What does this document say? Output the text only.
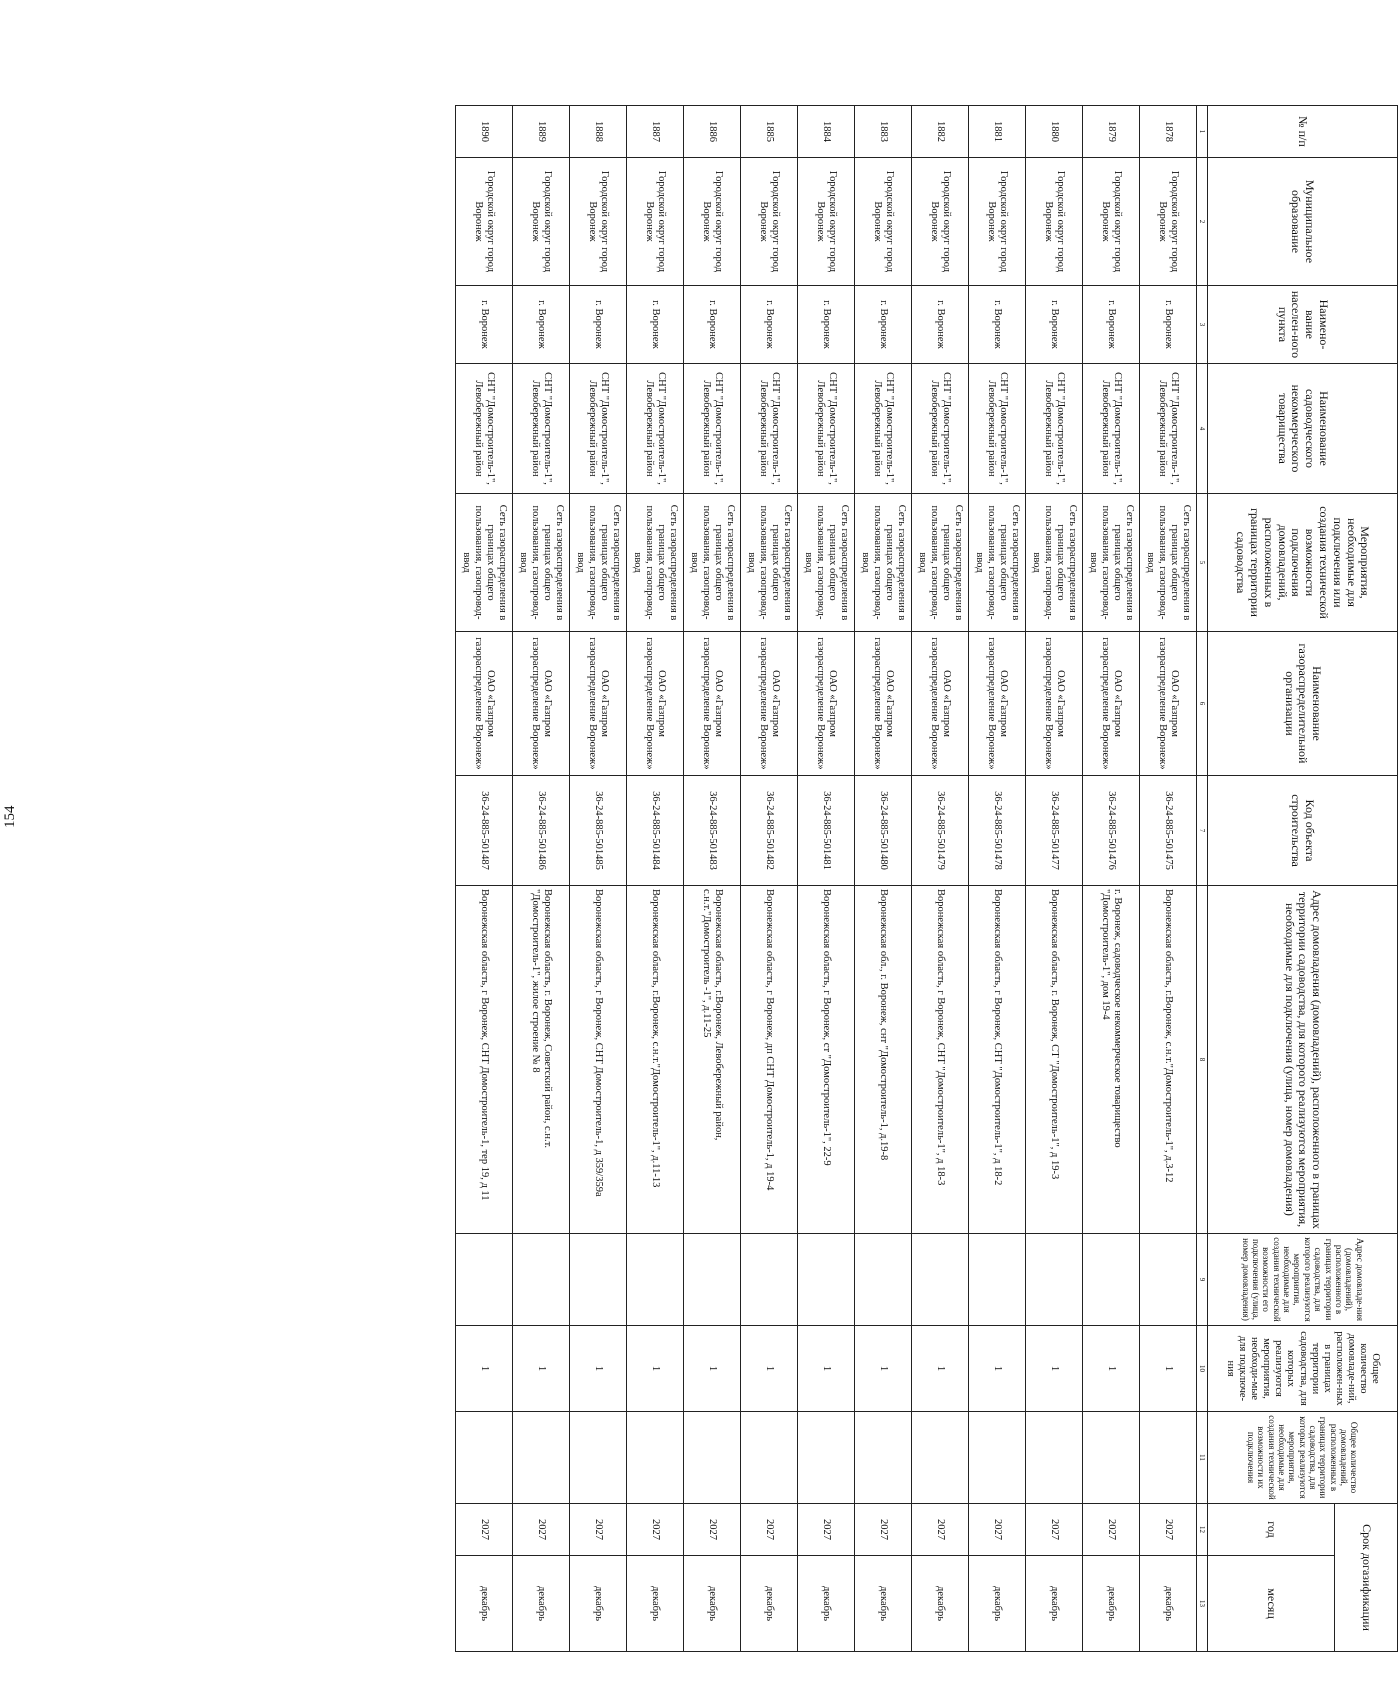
154
№ п/п	Муниципальное образование	Наимено-вание населен-ного пункта	Наименование садоводческого некоммерческого товарищества	Мероприятия, необходимые для подключения или создания технической возможности подключения домовладений, расположенных в границах территории садоводства	Наименование газораспределительной организации	Код объекта строительства	Адрес домовладения (домовладений), расположенного в границах территории садоводства, для которого реализуются мероприятия, необходимые для подключения (улица, номер домовладения)	Адрес домовладе-ния (домовладений), расположенного в границах территории садоводства, для которого реализуются мероприятия, необходимые для создания технической возможности его подключения (улица, номер домовладения)	Общее количество домовладе-ний, расположен-ных в границах территории садоводства, для которых реализуются мероприятия, необходи-мые для подключе-ния	Общее количество домовладений, расположенных в границах территории садоводства, для которых реализуются мероприятия, необходимые для создания технической возможности их подключения	Срок догазификации	
											год	месяц
1	2	3	4	5	6	7	8	9	10	11	12	13
1878	Городской округ город Воронеж	г. Воронеж	СНТ "Домостроитель-1", Левобережный район	Сеть газораспределения в границах общего пользования, газопровод-ввод	ОАО «Газпром газораспределение Воронеж»	36-24-885-501475	Воронежская область, г.Воронеж, с.н.т."Домостроитель-1", д.3-12		1		2027	декабрь
1879	Городской округ город Воронеж	г. Воронеж	СНТ "Домостроитель-1", Левобережный район	Сеть газораспределения в границах общего пользования, газопровод-ввод	ОАО «Газпром газораспределение Воронеж»	36-24-885-501476	г. Воронеж, садоводческое некоммерческое товарищество "Домостроитель-1", дом 19-4		1		2027	декабрь
1880	Городской округ город Воронеж	г. Воронеж	СНТ "Домостроитель-1", Левобережный район	Сеть газораспределения в границах общего пользования, газопровод-ввод	ОАО «Газпром газораспределение Воронеж»	36-24-885-501477	Воронежская область, г. Воронеж, СТ "Домостроитель-1", д 19-3		1		2027	декабрь
1881	Городской округ город Воронеж	г. Воронеж	СНТ "Домостроитель-1", Левобережный район	Сеть газораспределения в границах общего пользования, газопровод-ввод	ОАО «Газпром газораспределение Воронеж»	36-24-885-501478	Воронежская область, г Воронеж, СНТ "Домостроитель-1", д 18-2		1		2027	декабрь
1882	Городской округ город Воронеж	г. Воронеж	СНТ "Домостроитель-1", Левобережный район	Сеть газораспределения в границах общего пользования, газопровод-ввод	ОАО «Газпром газораспределение Воронеж»	36-24-885-501479	Воронежская область, г Воронеж, СНТ "Домостроитель-1", д 18-3		1		2027	декабрь
1883	Городской округ город Воронеж	г. Воронеж	СНТ "Домостроитель-1", Левобережный район	Сеть газораспределения в границах общего пользования, газопровод-ввод	ОАО «Газпром газораспределение Воронеж»	36-24-885-501480	Воронежская обл., г. Воронеж, снт "Домостроитель-1, д.19-8		1		2027	декабрь
1884	Городской округ город Воронеж	г. Воронеж	СНТ "Домостроитель-1", Левобережный район	Сеть газораспределения в границах общего пользования, газопровод-ввод	ОАО «Газпром газораспределение Воронеж»	36-24-885-501481	Воронежская область, г Воронеж, ст "Домостроитель-1", 22-9		1		2027	декабрь
1885	Городской округ город Воронеж	г. Воронеж	СНТ "Домостроитель-1", Левобережный район	Сеть газораспределения в границах общего пользования, газопровод-ввод	ОАО «Газпром газораспределение Воронеж»	36-24-885-501482	Воронежская область, г Воронеж, дп СНТ Домостроитель-1, д 19-4		1		2027	декабрь
1886	Городской округ город Воронеж	г. Воронеж	СНТ "Домостроитель-1", Левобережный район	Сеть газораспределения в границах общего пользования, газопровод-ввод	ОАО «Газпром газораспределение Воронеж»	36-24-885-501483	Воронежская область, г.Воронеж, Левобережный район, с.н.т."Домостроитель -1", д.11-25		1		2027	декабрь
1887	Городской округ город Воронеж	г. Воронеж	СНТ "Домостроитель-1", Левобережный район	Сеть газораспределения в границах общего пользования, газопровод-ввод	ОАО «Газпром газораспределение Воронеж»	36-24-885-501484	Воронежская область, г.Воронеж, с.н.т."Домостроитель-1", д.11-13		1		2027	декабрь
1888	Городской округ город Воронеж	г. Воронеж	СНТ "Домостроитель-1", Левобережный район	Сеть газораспределения в границах общего пользования, газопровод-ввод	ОАО «Газпром газораспределение Воронеж»	36-24-885-501485	Воронежская область, г Воронеж, СНТ Домостроитель-1, д 359/359а		1		2027	декабрь
1889	Городской округ город Воронеж	г. Воронеж	СНТ "Домостроитель-1", Левобережный район	Сеть газораспределения в границах общего пользования, газопровод-ввод	ОАО «Газпром газораспределение Воронеж»	36-24-885-501486	Воронежская область, г. Воронеж, Советский район, с.н.т. "Домостроитель-1", жилое строение № 8		1		2027	декабрь
1890	Городской округ город Воронеж	г. Воронеж	СНТ "Домостроитель-1", Левобережный район	Сеть газораспределения в границах общего пользования, газопровод-ввод	ОАО «Газпром газораспределение Воронеж»	36-24-885-501487	Воронежская область, г Воронеж, СНТ Домостроитель-1, тер 19, д 11		1		2027	декабрь
